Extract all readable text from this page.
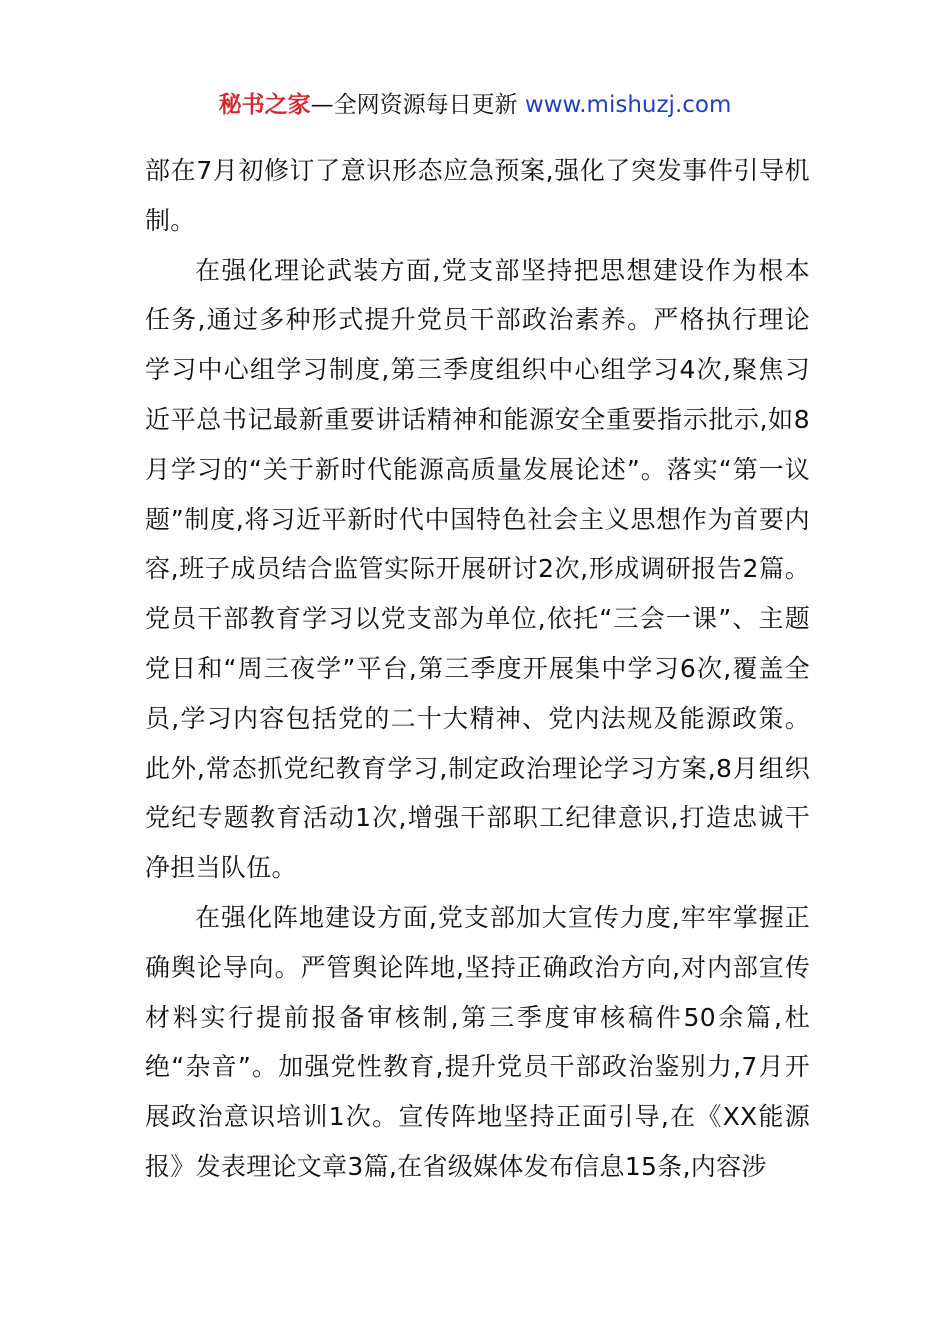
秘书之家—全网资源每日更新 www.mishuzj.com

部在7月初修订了意识形态应急预案,强化了突发事件引导机制。

在强化理论武装方面,党支部坚持把思想建设作为根本任务,通过多种形式提升党员干部政治素养。严格执行理论学习中心组学习制度,第三季度组织中心组学习4次,聚焦习近平总书记最新重要讲话精神和能源安全重要指示批示,如8月学习的“关于新时代能源高质量发展论述”。落实“第一议题”制度,将习近平新时代中国特色社会主义思想作为首要内容,班子成员结合监管实际开展研讨2次,形成调研报告2篇。党员干部教育学习以党支部为单位,依托“三会一课”、主题党日和“周三夜学”平台,第三季度开展集中学习6次,覆盖全员,学习内容包括党的二十大精神、党内法规及能源政策。此外,常态抓党纪教育学习,制定政治理论学习方案,8月组织党纪专题教育活动1次,增强干部职工纪律意识,打造忠诚干净担当队伍。

在强化阵地建设方面,党支部加大宣传力度,牢牢掌握正确舆论导向。严管舆论阵地,坚持正确政治方向,对内部宣传材料实行提前报备审核制,第三季度审核稿件50余篇,杜绝“杂音”。加强党性教育,提升党员干部政治鉴别力,7月开展政治意识培训1次。宣传阵地坚持正面引导,在《XX能源报》发表理论文章3篇,在省级媒体发布信息15条,内容涉
